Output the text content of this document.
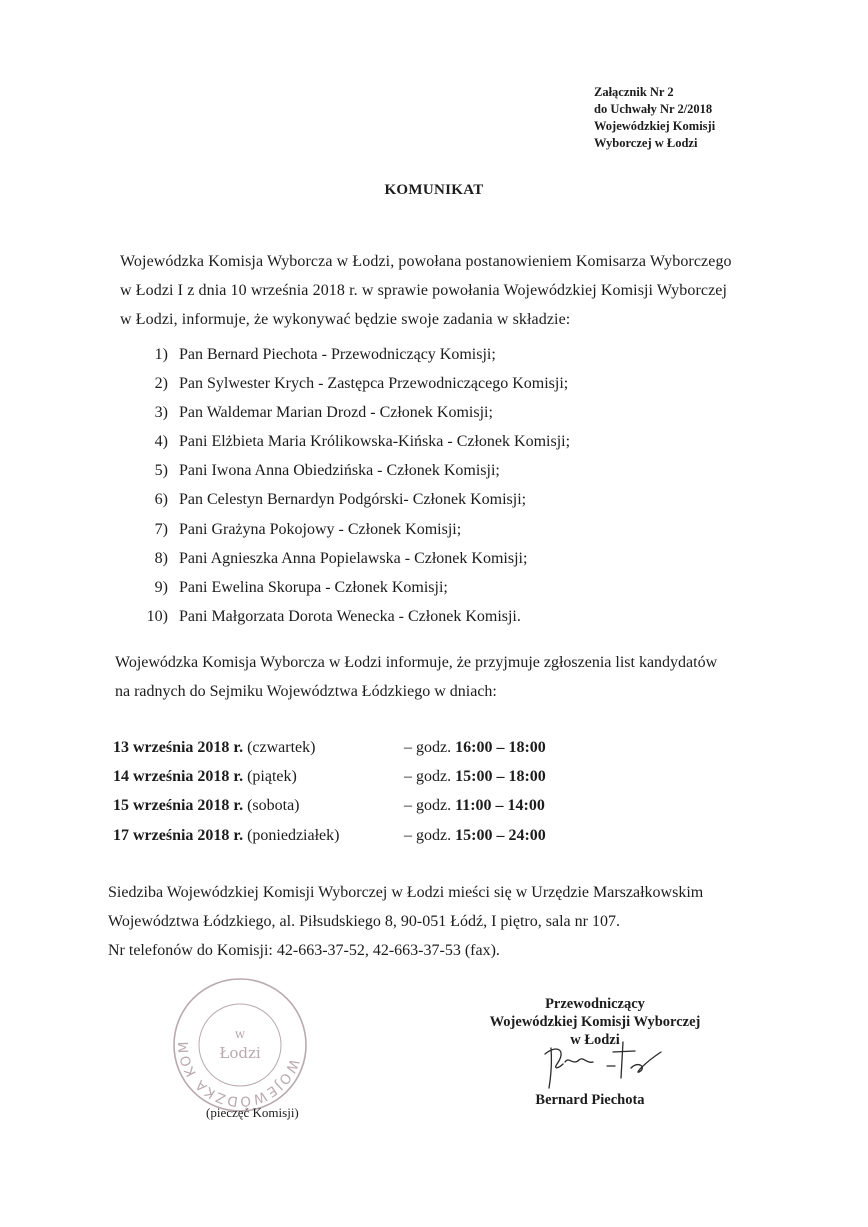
Załącznik Nr 2
do Uchwały Nr 2/2018
Wojewódzkiej Komisji
Wyborczej w Łodzi
KOMUNIKAT
Wojewódzka Komisja Wyborcza w Łodzi, powołana postanowieniem Komisarza Wyborczego
w Łodzi I z dnia 10 września 2018 r. w sprawie powołania Wojewódzkiej Komisji Wyborczej
w Łodzi, informuje, że wykonywać będzie swoje zadania w składzie:
1) Pan Bernard Piechota - Przewodniczący Komisji;
2) Pan Sylwester Krych - Zastępca Przewodniczącego Komisji;
3) Pan Waldemar Marian Drozd - Członek Komisji;
4) Pani Elżbieta Maria Królikowska-Kińska - Członek Komisji;
5) Pani Iwona Anna Obiedzińska - Członek Komisji;
6) Pan Celestyn Bernardyn Podgórski- Członek Komisji;
7) Pani Grażyna Pokojowy - Członek Komisji;
8) Pani Agnieszka Anna Popielawska - Członek Komisji;
9) Pani Ewelina Skorupa - Członek Komisji;
10) Pani Małgorzata Dorota Wenecka - Członek Komisji.
Wojewódzka Komisja Wyborcza w Łodzi informuje, że przyjmuje zgłoszenia list kandydatów
na radnych do Sejmiku Województwa Łódzkiego w dniach:
13 września 2018 r. (czwartek)	– godz. 16:00 – 18:00
14 września 2018 r. (piątek)	– godz. 15:00 – 18:00
15 września 2018 r. (sobota)	– godz. 11:00 – 14:00
17 września 2018 r. (poniedziałek)	– godz. 15:00 – 24:00
Siedziba Wojewódzkiej Komisji Wyborczej w Łodzi mieści się w Urzędzie Marszałkowskim
Województwa Łódzkiego, al. Piłsudskiego 8, 90-051 Łódź, I piętro, sala nr 107.
Nr telefonów do Komisji: 42-663-37-52, 42-663-37-53 (fax).
WOJEWÓDZKA KOM
w
Łodzi
(pieczęć Komisji)
Przewodniczący
Wojewódzkiej Komisji Wyborczej
w Łodzi
Bernard Piechota
